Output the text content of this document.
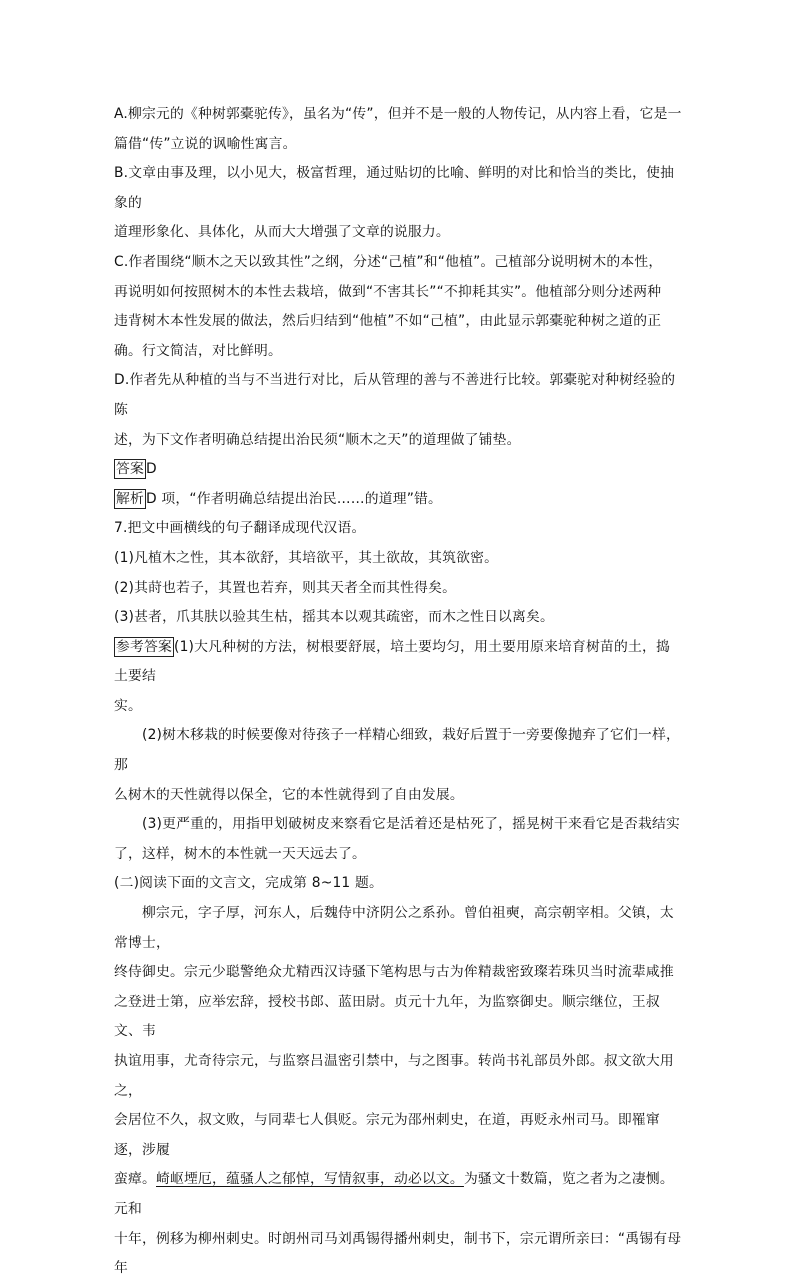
A.柳宗元的《种树郭橐驼传》，虽名为“传”，但并不是一般的人物传记，从内容上看，它是一

篇借“传”立说的讽喻性寓言。

B.文章由事及理，以小见大，极富哲理，通过贴切的比喻、鲜明的对比和恰当的类比，使抽象的

道理形象化、具体化，从而大大增强了文章的说服力。

C.作者围绕“顺木之天以致其性”之纲，分述“己植”和“他植”。己植部分说明树木的本性，

再说明如何按照树木的本性去栽培，做到“不害其长”“不抑耗其实”。他植部分则分述两种

违背树木本性发展的做法，然后归结到“他植”不如“己植”，由此显示郭橐驼种树之道的正

确。行文简洁，对比鲜明。

D.作者先从种植的当与不当进行对比，后从管理的善与不善进行比较。郭橐驼对种树经验的陈

述，为下文作者明确总结提出治民须“顺木之天”的道理做了铺垫。

答案 D

解析 D 项，“作者明确总结提出治民……的道理”错。

7.把文中画横线的句子翻译成现代汉语。

(1)凡植木之性，其本欲舒，其培欲平，其土欲故，其筑欲密。

(2)其莳也若子，其置也若弃，则其天者全而其性得矣。

(3)甚者，爪其肤以验其生枯，摇其本以观其疏密，而木之性日以离矣。

参考答案 (1)大凡种树的方法，树根要舒展，培土要均匀，用土要用原来培育树苗的土，捣土要结

实。

(2)树木移栽的时候要像对待孩子一样精心细致，栽好后置于一旁要像抛弃了它们一样，那

么树木的天性就得以保全，它的本性就得到了自由发展。

(3)更严重的，用指甲划破树皮来察看它是活着还是枯死了，摇晃树干来看它是否栽结实

了，这样，树木的本性就一天天远去了。

(二)阅读下面的文言文，完成第 8~11 题。

柳宗元，字子厚，河东人，后魏侍中济阴公之系孙。曾伯祖奭，高宗朝宰相。父镇，太常博士，

终侍御史。宗元少聪警绝众尤精西汉诗骚下笔构思与古为侔精裁密致璨若珠贝当时流辈咸推

之登进士第，应举宏辞，授校书郎、蓝田尉。贞元十九年，为监察御史。顺宗继位，王叔文、韦

执谊用事，尤奇待宗元，与监察吕温密引禁中，与之图事。转尚书礼部员外郎。叔文欲大用之，

会居位不久，叔文败，与同辈七人俱贬。宗元为邵州刺史，在道，再贬永州司马。即罹窜逐，涉履

蛮瘴。崎岖堙厄，蕴骚人之郁悼，写情叙事，动必以文。为骚文十数篇，览之者为之凄恻。元和

十年，例移为柳州刺史。时朗州司马刘禹锡得播州刺史，制书下，宗元谓所亲曰：“禹锡有母年
